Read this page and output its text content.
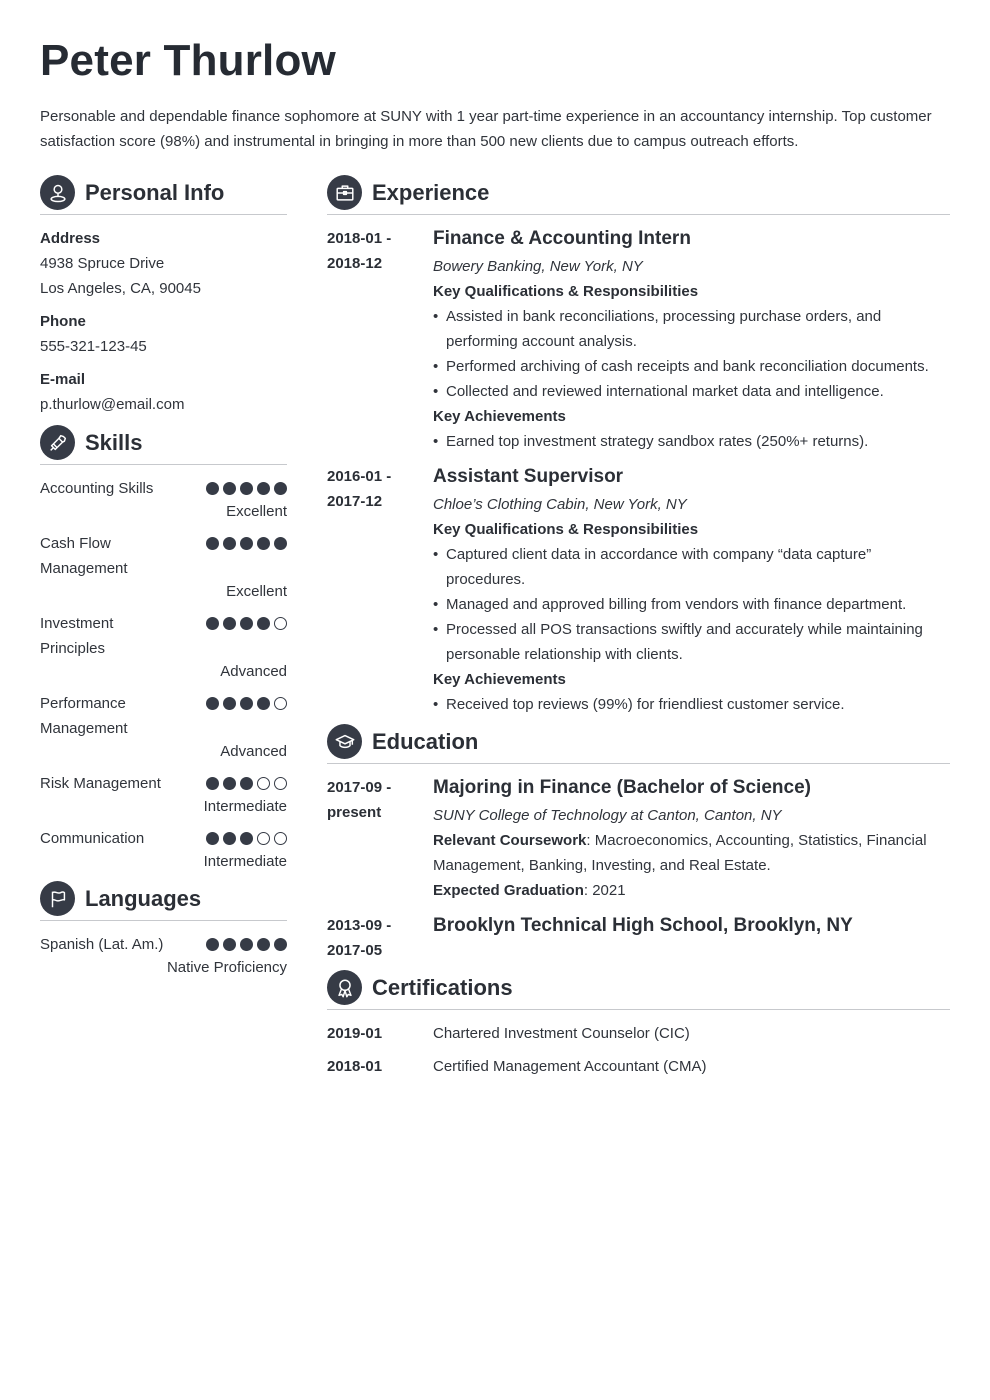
Peter Thurlow

Personable and dependable finance sophomore at SUNY with 1 year part-time experience in an accountancy internship. Top customer satisfaction score (98%) and instrumental in bringing in more than 500 new clients due to campus outreach efforts.

Personal Info
Address
4938 Spruce Drive
Los Angeles, CA, 90045
Phone
555-321-123-45
E-mail
p.thurlow@email.com
Skills
Accounting Skills
Excellent
Cash Flow Management
Excellent
Investment Principles
Advanced
Performance Management
Advanced
Risk Management
Intermediate
Communication
Intermediate
Languages
Spanish (Lat. Am.)
Native Proficiency
Experience
2018-01 -
2018-12
Finance & Accounting Intern
Bowery Banking, New York, NY
Key Qualifications & Responsibilities
• Assisted in bank reconciliations, processing purchase orders, and performing account analysis.
• Performed archiving of cash receipts and bank reconciliation documents.
• Collected and reviewed international market data and intelligence.
Key Achievements
• Earned top investment strategy sandbox rates (250%+ returns).
2016-01 -
2017-12
Assistant Supervisor
Chloe’s Clothing Cabin, New York, NY
Key Qualifications & Responsibilities
• Captured client data in accordance with company “data capture” procedures.
• Managed and approved billing from vendors with finance department.
• Processed all POS transactions swiftly and accurately while maintaining personable relationship with clients.
Key Achievements
• Received top reviews (99%) for friendliest customer service.
Education
2017-09 -
present
Majoring in Finance (Bachelor of Science)
SUNY College of Technology at Canton, Canton, NY
Relevant Coursework: Macroeconomics, Accounting, Statistics, Financial Management, Banking, Investing, and Real Estate.
Expected Graduation: 2021
2013-09 -
2017-05
Brooklyn Technical High School, Brooklyn, NY
Certifications
2019-01	Chartered Investment Counselor (CIC)
2018-01	Certified Management Accountant (CMA)
